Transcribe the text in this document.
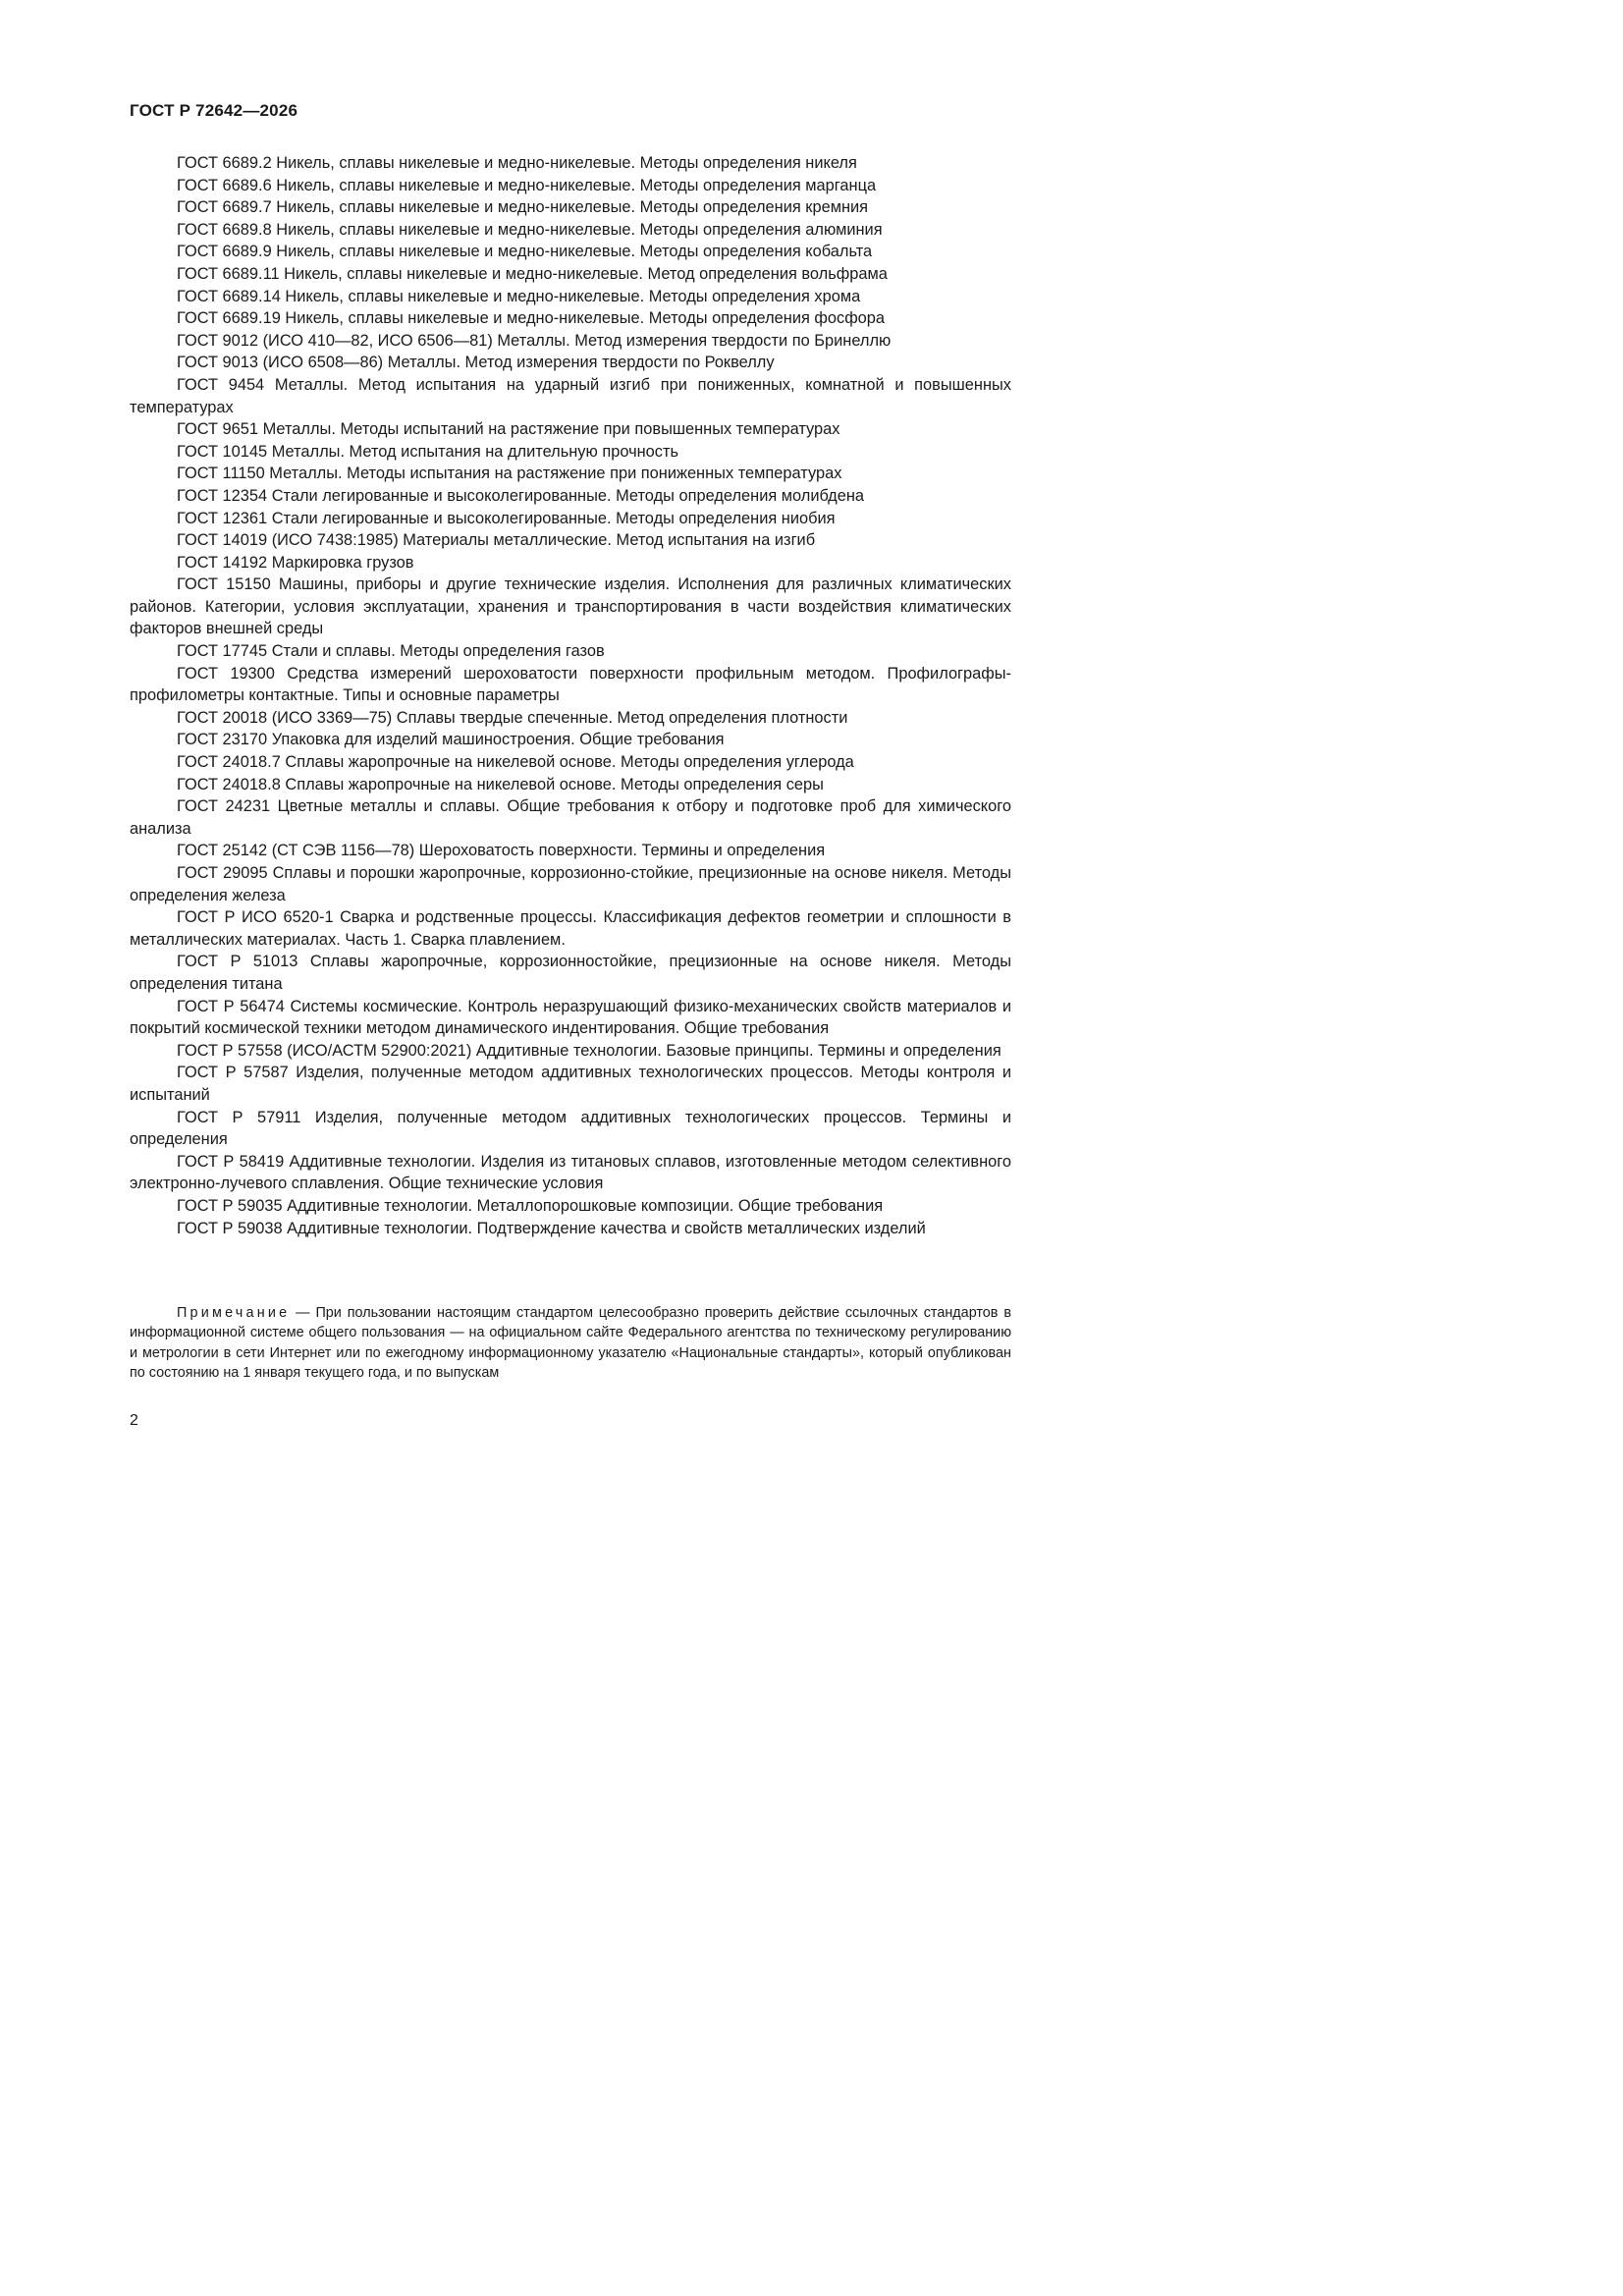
ГОСТ Р 72642—2026

ГОСТ 6689.2 Никель, сплавы никелевые и медно-никелевые. Методы определения никеля

ГОСТ 6689.6 Никель, сплавы никелевые и медно-никелевые. Методы определения марганца

ГОСТ 6689.7 Никель, сплавы никелевые и медно-никелевые. Методы определения кремния

ГОСТ 6689.8 Никель, сплавы никелевые и медно-никелевые. Методы определения алюминия

ГОСТ 6689.9 Никель, сплавы никелевые и медно-никелевые. Методы определения кобальта

ГОСТ 6689.11 Никель, сплавы никелевые и медно-никелевые. Метод определения вольфрама

ГОСТ 6689.14 Никель, сплавы никелевые и медно-никелевые. Методы определения хрома

ГОСТ 6689.19 Никель, сплавы никелевые и медно-никелевые. Методы определения фосфора

ГОСТ 9012 (ИСО 410—82, ИСО 6506—81) Металлы. Метод измерения твердости по Бринеллю

ГОСТ 9013 (ИСО 6508—86) Металлы. Метод измерения твердости по Роквеллу

ГОСТ 9454 Металлы. Метод испытания на ударный изгиб при пониженных, комнатной и повышенных температурах

ГОСТ 9651 Металлы. Методы испытаний на растяжение при повышенных температурах

ГОСТ 10145 Металлы. Метод испытания на длительную прочность

ГОСТ 11150 Металлы. Методы испытания на растяжение при пониженных температурах

ГОСТ 12354 Стали легированные и высоколегированные. Методы определения молибдена

ГОСТ 12361 Стали легированные и высоколегированные. Методы определения ниобия

ГОСТ 14019 (ИСО 7438:1985) Материалы металлические. Метод испытания на изгиб

ГОСТ 14192 Маркировка грузов

ГОСТ 15150 Машины, приборы и другие технические изделия. Исполнения для различных климатических районов. Категории, условия эксплуатации, хранения и транспортирования в части воздействия климатических факторов внешней среды

ГОСТ 17745 Стали и сплавы. Методы определения газов

ГОСТ 19300 Средства измерений шероховатости поверхности профильным методом. Профилографы-профилометры контактные. Типы и основные параметры

ГОСТ 20018 (ИСО 3369—75) Сплавы твердые спеченные. Метод определения плотности

ГОСТ 23170 Упаковка для изделий машиностроения. Общие требования

ГОСТ 24018.7 Сплавы жаропрочные на никелевой основе. Методы определения углерода

ГОСТ 24018.8 Сплавы жаропрочные на никелевой основе. Методы определения серы

ГОСТ 24231 Цветные металлы и сплавы. Общие требования к отбору и подготовке проб для химического анализа

ГОСТ 25142 (СТ СЭВ 1156—78) Шероховатость поверхности. Термины и определения

ГОСТ 29095 Сплавы и порошки жаропрочные, коррозионно-стойкие, прецизионные на основе никеля. Методы определения железа

ГОСТ Р ИСО 6520-1 Сварка и родственные процессы. Классификация дефектов геометрии и сплошности в металлических материалах. Часть 1. Сварка плавлением.

ГОСТ Р 51013 Сплавы жаропрочные, коррозионностойкие, прецизионные на основе никеля. Методы определения титана

ГОСТ Р 56474 Системы космические. Контроль неразрушающий физико-механических свойств материалов и покрытий космической техники методом динамического индентирования. Общие требования

ГОСТ Р 57558 (ИСО/АСТМ 52900:2021) Аддитивные технологии. Базовые принципы. Термины и определения

ГОСТ Р 57587 Изделия, полученные методом аддитивных технологических процессов. Методы контроля и испытаний

ГОСТ Р 57911 Изделия, полученные методом аддитивных технологических процессов. Термины и определения

ГОСТ Р 58419 Аддитивные технологии. Изделия из титановых сплавов, изготовленные методом селективного электронно-лучевого сплавления. Общие технические условия

ГОСТ Р 59035 Аддитивные технологии. Металлопорошковые композиции. Общие требования

ГОСТ Р 59038 Аддитивные технологии. Подтверждение качества и свойств металлических изделий

Примечание — При пользовании настоящим стандартом целесообразно проверить действие ссылочных стандартов в информационной системе общего пользования — на официальном сайте Федерального агентства по техническому регулированию и метрологии в сети Интернет или по ежегодному информационному указателю «Национальные стандарты», который опубликован по состоянию на 1 января текущего года, и по выпускам

2
